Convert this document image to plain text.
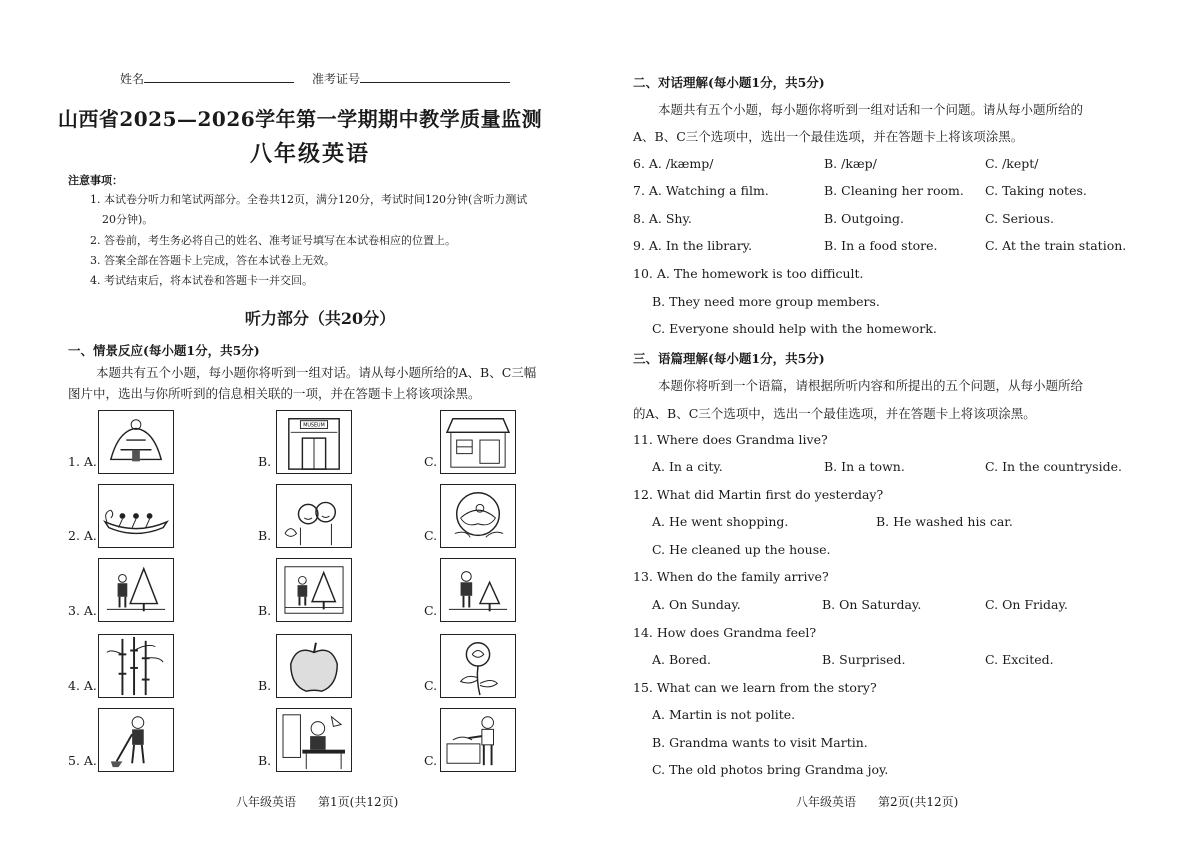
姓名	准考证号
山西省2025—2026学年第一学期期中教学质量监测
八年级英语
注意事项：
1. 本试卷分听力和笔试两部分。全卷共12页，满分120分，考试时间120分钟(含听力测试
20分钟)。
2. 答卷前，考生务必将自己的姓名、准考证号填写在本试卷相应的位置上。
3. 答案全部在答题卡上完成，答在本试卷上无效。
4. 考试结束后，将本试卷和答题卡一并交回。
听力部分（共20分）
一、情景反应(每小题1分，共5分)
本题共有五个小题，每小题你将听到一组对话。请从每小题所给的A、B、C三幅
图片中，选出与你所听到的信息相关联的一项，并在答题卡上将该项涂黑。
1. A.	B.
MUSEUM
C.
2. A.	B.	C.
3. A.	B.	C.
4. A.	B.	C.
5. A.	B.	C.
八年级英语 第1页(共12页)
二、对话理解(每小题1分，共5分)
本题共有五个小题，每小题你将听到一组对话和一个问题。请从每小题所给的
A、B、C三个选项中，选出一个最佳选项，并在答题卡上将该项涂黑。
6. A. /kæmp/	B. /kæp/	C. /kept/
7. A. Watching a film.	B. Cleaning her room. C. Taking notes.
8. A. Shy.	B. Outgoing.	C. Serious.
9. A. In the library.	B. In a food store.	C. At the train station.
10. A. The homework is too difficult.
B. They need more group members.
C. Everyone should help with the homework.
三、语篇理解(每小题1分，共5分)
本题你将听到一个语篇，请根据所听内容和所提出的五个问题，从每小题所给
的A、B、C三个选项中，选出一个最佳选项，并在答题卡上将该项涂黑。
11. Where does Grandma live?
A. In a city.	B. In a town.	C. In the countryside.
12. What did Martin first do yesterday?
A. He went shopping.	B. He washed his car.
C. He cleaned up the house.
13. When do the family arrive?
A. On Sunday.	B. On Saturday.	C. On Friday.
14. How does Grandma feel?
A. Bored.	B. Surprised.	C. Excited.
15. What can we learn from the story?
A. Martin is not polite.
B. Grandma wants to visit Martin.
C. The old photos bring Grandma joy.
八年级英语 第2页(共12页)
